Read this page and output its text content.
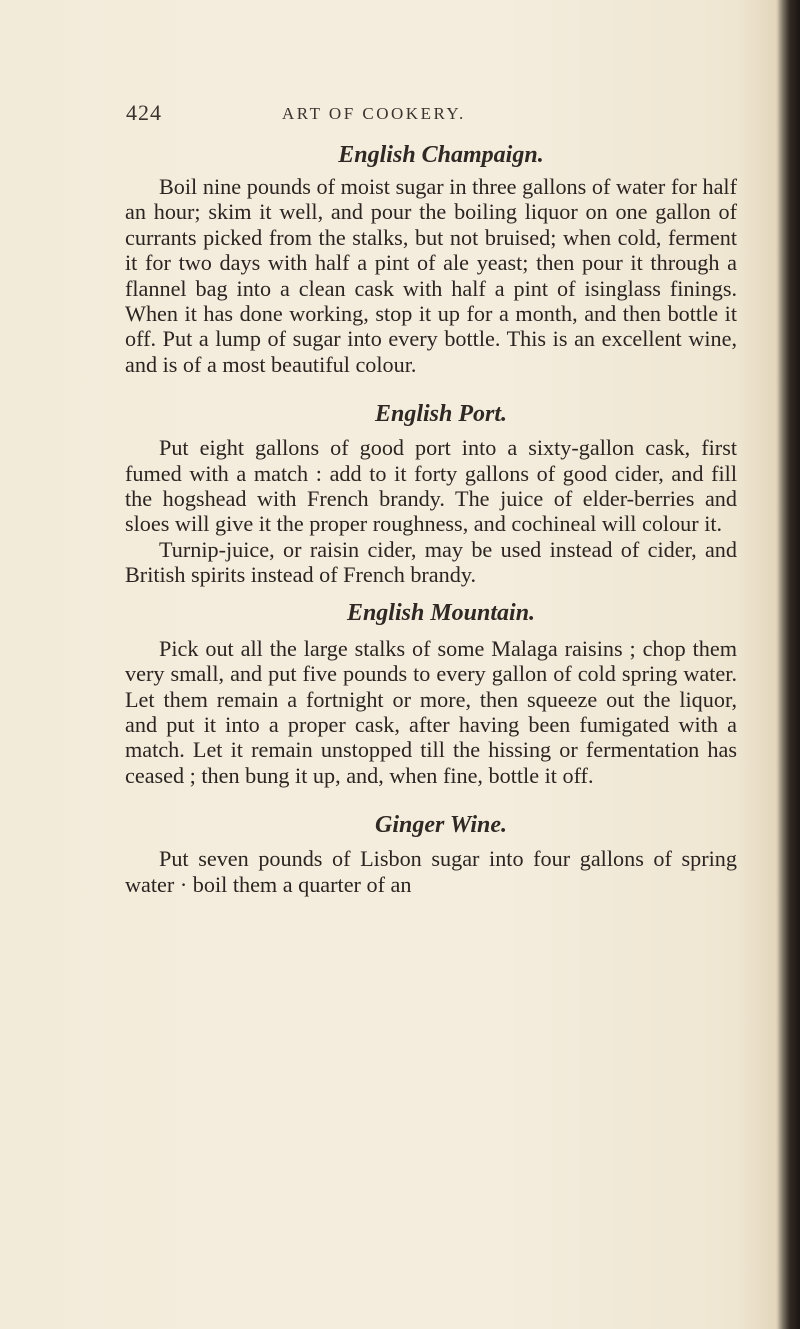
424	ART OF COOKERY.
English Champaign.

Boil nine pounds of moist sugar in three gallons of water for half an hour; skim it well, and pour the boiling liquor on one gallon of currants picked from the stalks, but not bruised; when cold, ferment it for two days with half a pint of ale yeast; then pour it through a flannel bag into a clean cask with half a pint of isinglass finings. When it has done working, stop it up for a month, and then bottle it off. Put a lump of sugar into every bottle. This is an excellent wine, and is of a most beautiful colour.

English Port.

Put eight gallons of good port into a sixty-gallon cask, first fumed with a match : add to it forty gallons of good cider, and fill the hogshead with French brandy. The juice of elder-berries and sloes will give it the proper roughness, and cochineal will colour it.

Turnip-juice, or raisin cider, may be used instead of cider, and British spirits instead of French brandy.

English Mountain.

Pick out all the large stalks of some Malaga raisins ; chop them very small, and put five pounds to every gallon of cold spring water. Let them remain a fortnight or more, then squeeze out the liquor, and put it into a proper cask, after having been fumigated with a match. Let it remain unstopped till the hissing or fermentation has ceased ; then bung it up, and, when fine, bottle it off.

Ginger Wine.

Put seven pounds of Lisbon sugar into four gallons of spring water · boil them a quarter of an
